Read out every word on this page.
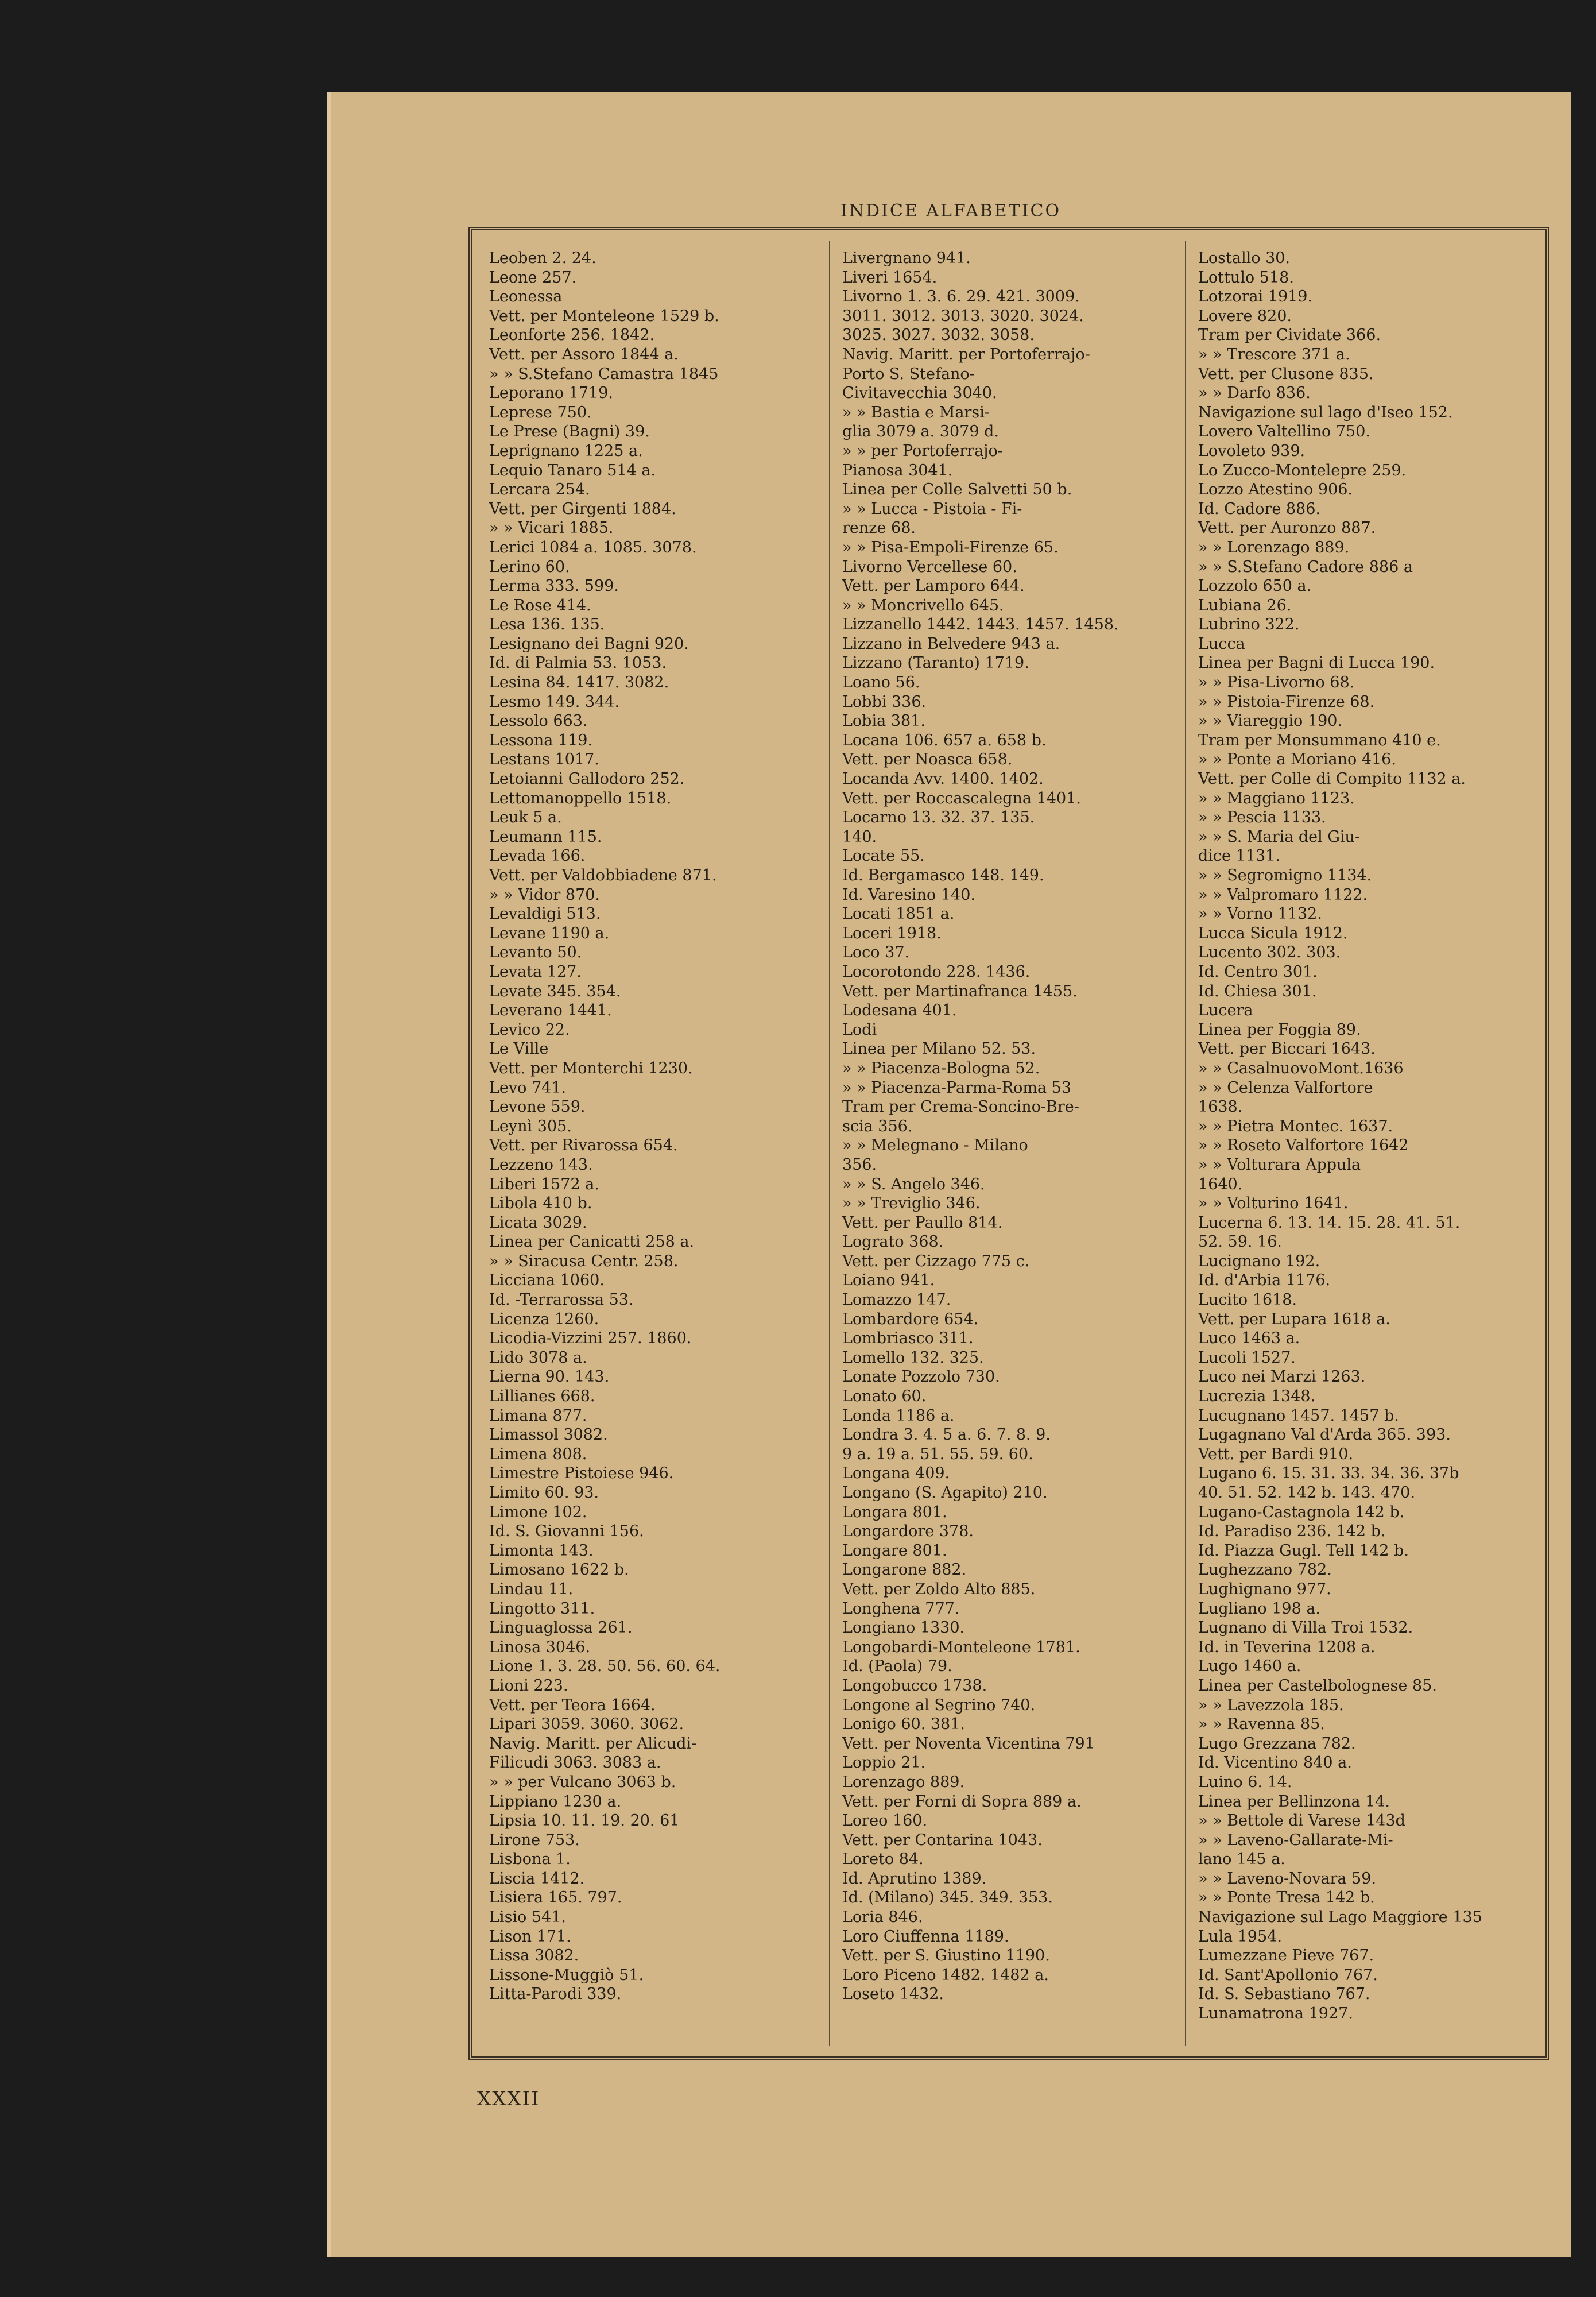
INDICE ALFABETICO
Leoben 2. 24.
Leone 257.
Leonessa
Vett. per Monteleone 1529 b.
Leonforte 256. 1842.
Vett. per Assoro 1844 a.
» » S.Stefano Camastra 1845
Leporano 1719.
Leprese 750.
Le Prese (Bagni) 39.
Leprignano 1225 a.
Lequio Tanaro 514 a.
Lercara 254.
Vett. per Girgenti 1884.
» » Vicari 1885.
Lerici 1084 a. 1085. 3078.
Lerino 60.
Lerma 333. 599.
Le Rose 414.
Lesa 136. 135.
Lesignano dei Bagni 920.
Id. di Palmia 53. 1053.
Lesina 84. 1417. 3082.
Lesmo 149. 344.
Lessolo 663.
Lessona 119.
Lestans 1017.
Letoianni Gallodoro 252.
Lettomanoppello 1518.
Leuk 5 a.
Leumann 115.
Levada 166.
Vett. per Valdobbiadene 871.
» » Vidor 870.
Levaldigi 513.
Levane 1190 a.
Levanto 50.
Levata 127.
Levate 345. 354.
Leverano 1441.
Levico 22.
Le Ville
Vett. per Monterchi 1230.
Levo 741.
Levone 559.
Leynì 305.
Vett. per Rivarossa 654.
Lezzeno 143.
Liberi 1572 a.
Libola 410 b.
Licata 3029.
Linea per Canicatti 258 a.
» » Siracusa Centr. 258.
Licciana 1060.
Id. -Terrarossa 53.
Licenza 1260.
Licodia-Vizzini 257. 1860.
Lido 3078 a.
Lierna 90. 143.
Lillianes 668.
Limana 877.
Limassol 3082.
Limena 808.
Limestre Pistoiese 946.
Limito 60. 93.
Limone 102.
Id. S. Giovanni 156.
Limonta 143.
Limosano 1622 b.
Lindau 11.
Lingotto 311.
Linguaglossa 261.
Linosa 3046.
Lione 1. 3. 28. 50. 56. 60. 64.
Lioni 223.
Vett. per Teora 1664.
Lipari 3059. 3060. 3062.
Navig. Maritt. per Alicudi-
Filicudi 3063. 3083 a.
» » per Vulcano 3063 b.
Lippiano 1230 a.
Lipsia 10. 11. 19. 20. 61
Lirone 753.
Lisbona 1.
Liscia 1412.
Lisiera 165. 797.
Lisio 541.
Lison 171.
Lissa 3082.
Lissone-Muggiò 51.
Litta-Parodi 339.
Livergnano 941.
Liveri 1654.
Livorno 1. 3. 6. 29. 421. 3009.
3011. 3012. 3013. 3020. 3024.
3025. 3027. 3032. 3058.
Navig. Maritt. per Portoferrajo-
Porto S. Stefano-
Civitavecchia 3040.
» » Bastia e Marsi-
glia 3079 a. 3079 d.
» » per Portoferrajo-
Pianosa 3041.
Linea per Colle Salvetti 50 b.
» » Lucca - Pistoia - Fi-
renze 68.
» » Pisa-Empoli-Firenze 65.
Livorno Vercellese 60.
Vett. per Lamporo 644.
» » Moncrivello 645.
Lizzanello 1442. 1443. 1457. 1458.
Lizzano in Belvedere 943 a.
Lizzano (Taranto) 1719.
Loano 56.
Lobbi 336.
Lobia 381.
Locana 106. 657 a. 658 b.
Vett. per Noasca 658.
Locanda Avv. 1400. 1402.
Vett. per Roccascalegna 1401.
Locarno 13. 32. 37. 135.
140.
Locate 55.
Id. Bergamasco 148. 149.
Id. Varesino 140.
Locati 1851 a.
Loceri 1918.
Loco 37.
Locorotondo 228. 1436.
Vett. per Martinafranca 1455.
Lodesana 401.
Lodi
Linea per Milano 52. 53.
» » Piacenza-Bologna 52.
» » Piacenza-Parma-Roma 53
Tram per Crema-Soncino-Bre-
scia 356.
» » Melegnano - Milano
356.
» » S. Angelo 346.
» » Treviglio 346.
Vett. per Paullo 814.
Lograto 368.
Vett. per Cizzago 775 c.
Loiano 941.
Lomazzo 147.
Lombardore 654.
Lombriasco 311.
Lomello 132. 325.
Lonate Pozzolo 730.
Lonato 60.
Londa 1186 a.
Londra 3. 4. 5 a. 6. 7. 8. 9.
9 a. 19 a. 51. 55. 59. 60.
Longana 409.
Longano (S. Agapito) 210.
Longara 801.
Longardore 378.
Longare 801.
Longarone 882.
Vett. per Zoldo Alto 885.
Longhena 777.
Longiano 1330.
Longobardi-Monteleone 1781.
Id. (Paola) 79.
Longobucco 1738.
Longone al Segrino 740.
Lonigo 60. 381.
Vett. per Noventa Vicentina 791
Loppio 21.
Lorenzago 889.
Vett. per Forni di Sopra 889 a.
Loreo 160.
Vett. per Contarina 1043.
Loreto 84.
Id. Aprutino 1389.
Id. (Milano) 345. 349. 353.
Loria 846.
Loro Ciuffenna 1189.
Vett. per S. Giustino 1190.
Loro Piceno 1482. 1482 a.
Loseto 1432.
Lostallo 30.
Lottulo 518.
Lotzorai 1919.
Lovere 820.
Tram per Cividate 366.
» » Trescore 371 a.
Vett. per Clusone 835.
» » Darfo 836.
Navigazione sul lago d'Iseo 152.
Lovero Valtellino 750.
Lovoleto 939.
Lo Zucco-Montelepre 259.
Lozzo Atestino 906.
Id. Cadore 886.
Vett. per Auronzo 887.
» » Lorenzago 889.
» » S.Stefano Cadore 886 a
Lozzolo 650 a.
Lubiana 26.
Lubrino 322.
Lucca
Linea per Bagni di Lucca 190.
» » Pisa-Livorno 68.
» » Pistoia-Firenze 68.
» » Viareggio 190.
Tram per Monsummano 410 e.
» » Ponte a Moriano 416.
Vett. per Colle di Compito 1132 a.
» » Maggiano 1123.
» » Pescia 1133.
» » S. Maria del Giu-
dice 1131.
» » Segromigno 1134.
» » Valpromaro 1122.
» » Vorno 1132.
Lucca Sicula 1912.
Lucento 302. 303.
Id. Centro 301.
Id. Chiesa 301.
Lucera
Linea per Foggia 89.
Vett. per Biccari 1643.
» » CasalnuovoMont.1636
» » Celenza Valfortore
1638.
» » Pietra Montec. 1637.
» » Roseto Valfortore 1642
» » Volturara Appula
1640.
» » Volturino 1641.
Lucerna 6. 13. 14. 15. 28. 41. 51.
52. 59. 16.
Lucignano 192.
Id. d'Arbia 1176.
Lucito 1618.
Vett. per Lupara 1618 a.
Luco 1463 a.
Lucoli 1527.
Luco nei Marzi 1263.
Lucrezia 1348.
Lucugnano 1457. 1457 b.
Lugagnano Val d'Arda 365. 393.
Vett. per Bardi 910.
Lugano 6. 15. 31. 33. 34. 36. 37b
40. 51. 52. 142 b. 143. 470.
Lugano-Castagnola 142 b.
Id. Paradiso 236. 142 b.
Id. Piazza Gugl. Tell 142 b.
Lughezzano 782.
Lughignano 977.
Lugliano 198 a.
Lugnano di Villa Troi 1532.
Id. in Teverina 1208 a.
Lugo 1460 a.
Linea per Castelbolognese 85.
» » Lavezzola 185.
» » Ravenna 85.
Lugo Grezzana 782.
Id. Vicentino 840 a.
Luino 6. 14.
Linea per Bellinzona 14.
» » Bettole di Varese 143d
» » Laveno-Gallarate-Mi-
lano 145 a.
» » Laveno-Novara 59.
» » Ponte Tresa 142 b.
Navigazione sul Lago Maggiore 135
Lula 1954.
Lumezzane Pieve 767.
Id. Sant'Apollonio 767.
Id. S. Sebastiano 767.
Lunamatrona 1927.
XXXII
